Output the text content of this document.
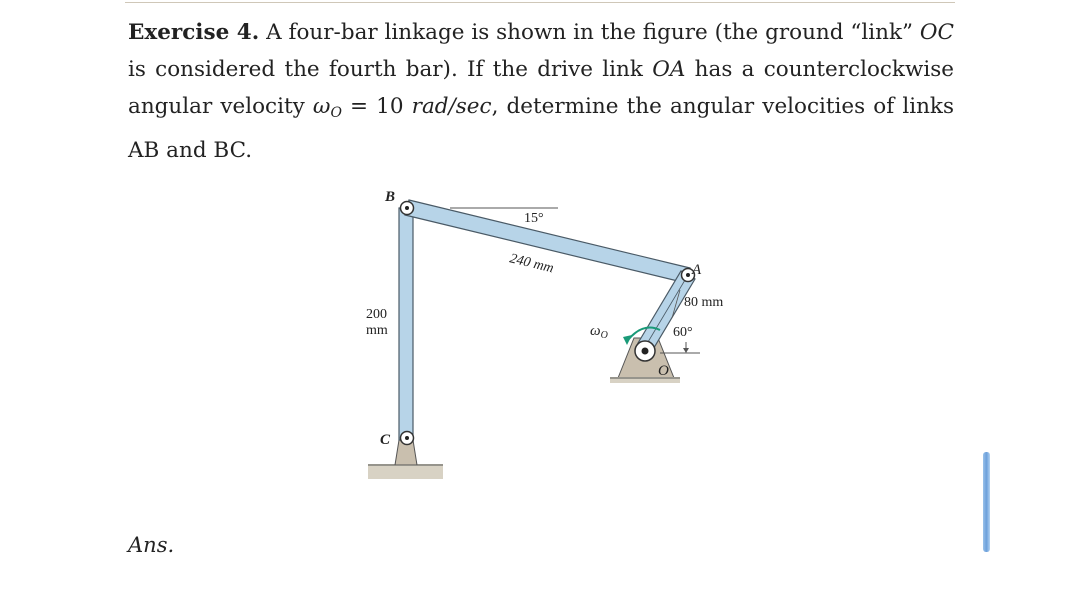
Exercise 4. A four-bar linkage is shown in the figure (the ground “link” OC is considered the fourth bar). If the drive link OA has a counterclockwise angular velocity $\omega_O = 10$ rad/sec, determine the angular velocities of links AB and BC.
B
A
C
O
15°
240 mm
200
mm
80 mm
60°
$\omega_O$
Ans.
